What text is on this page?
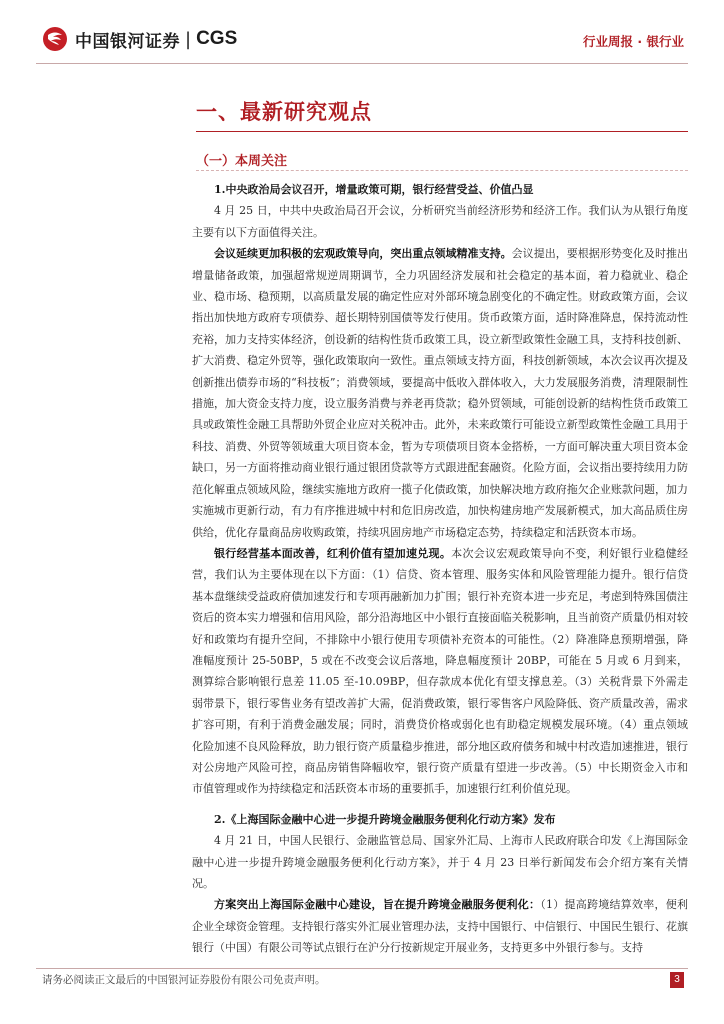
中国银河证券 | CGS	行业周报 · 银行业
一、最新研究观点
（一）本周关注

1.中央政治局会议召开，增量政策可期，银行经营受益、价值凸显

4 月 25 日，中共中央政治局召开会议，分析研究当前经济形势和经济工作。我们认为从银行角度主要有以下方面值得关注。

会议延续更加积极的宏观政策导向，突出重点领域精准支持。会议提出，要根据形势变化及时推出增量储备政策，加强超常规逆周期调节，全力巩固经济发展和社会稳定的基本面，着力稳就业、稳企业、稳市场、稳预期，以高质量发展的确定性应对外部环境急剧变化的不确定性。财政政策方面，会议指出加快地方政府专项债券、超长期特别国债等发行使用。货币政策方面，适时降准降息，保持流动性充裕，加力支持实体经济，创设新的结构性货币政策工具，设立新型政策性金融工具，支持科技创新、扩大消费、稳定外贸等，强化政策取向一致性。重点领域支持方面，科技创新领域，本次会议再次提及创新推出债券市场的“科技板”；消费领域，要提高中低收入群体收入，大力发展服务消费，清理限制性措施，加大资金支持力度，设立服务消费与养老再贷款；稳外贸领域，可能创设新的结构性货币政策工具或政策性金融工具帮助外贸企业应对关税冲击。此外，未来政策行可能设立新型政策性金融工具用于科技、消费、外贸等领域重大项目资本金，暂为专项债项目资本金搭桥，一方面可解决重大项目资本金缺口，另一方面将推动商业银行通过银团贷款等方式跟进配套融资。化险方面，会议指出要持续用力防范化解重点领域风险，继续实施地方政府一揽子化债政策，加快解决地方政府拖欠企业账款问题，加力实施城市更新行动，有力有序推进城中村和危旧房改造，加快构建房地产发展新模式，加大高品质住房供给，优化存量商品房收购政策，持续巩固房地产市场稳定态势，持续稳定和活跃资本市场。

银行经营基本面改善，红利价值有望加速兑现。本次会议宏观政策导向不变，利好银行业稳健经营，我们认为主要体现在以下方面：（1）信贷、资本管理、服务实体和风险管理能力提升。银行信贷基本盘继续受益政府债加速发行和专项再融新加力扩围；银行补充资本进一步充足，考虑到特殊国债注资后的资本实力增强和信用风险，部分沿海地区中小银行直接面临关税影响，且当前资产质量仍相对较好和政策均有提升空间，不排除中小银行使用专项债补充资本的可能性。（2）降准降息预期增强，降准幅度预计 25-50BP，5 或在不改变会议后落地，降息幅度预计 20BP，可能在 5 月或 6 月到来，测算综合影响银行息差 11.05 至-10.09BP，但存款成本优化有望支撑息差。（3）关税背景下外需走弱带景下，银行零售业务有望改善扩大需，促消费政策，银行零售客户风险降低、资产质量改善，需求扩容可期，有利于消费金融发展；同时，消费贷价格或弱化也有助稳定规模发展环境。（4）重点领域化险加速不良风险释放，助力银行资产质量稳步推进，部分地区政府债务和城中村改造加速推进，银行对公房地产风险可控，商品房销售降幅收窄，银行资产质量有望进一步改善。（5）中长期资金入市和市值管理或作为持续稳定和活跃资本市场的重要抓手，加速银行红利价值兑现。

2.《上海国际金融中心进一步提升跨境金融服务便利化行动方案》发布

4 月 21 日，中国人民银行、金融监管总局、国家外汇局、上海市人民政府联合印发《上海国际金融中心进一步提升跨境金融服务便利化行动方案》，并于 4 月 23 日举行新闻发布会介绍方案有关情况。

方案突出上海国际金融中心建设，旨在提升跨境金融服务便利化：（1）提高跨境结算效率，便利企业全球资金管理。支持银行落实外汇展业管理办法，支持中国银行、中信银行、中国民生银行、花旗银行（中国）有限公司等试点银行在沪分行按新规定开展业务，支持更多中外银行参与。支持

请务必阅读正文最后的中国银河证券股份有限公司免责声明。	3
